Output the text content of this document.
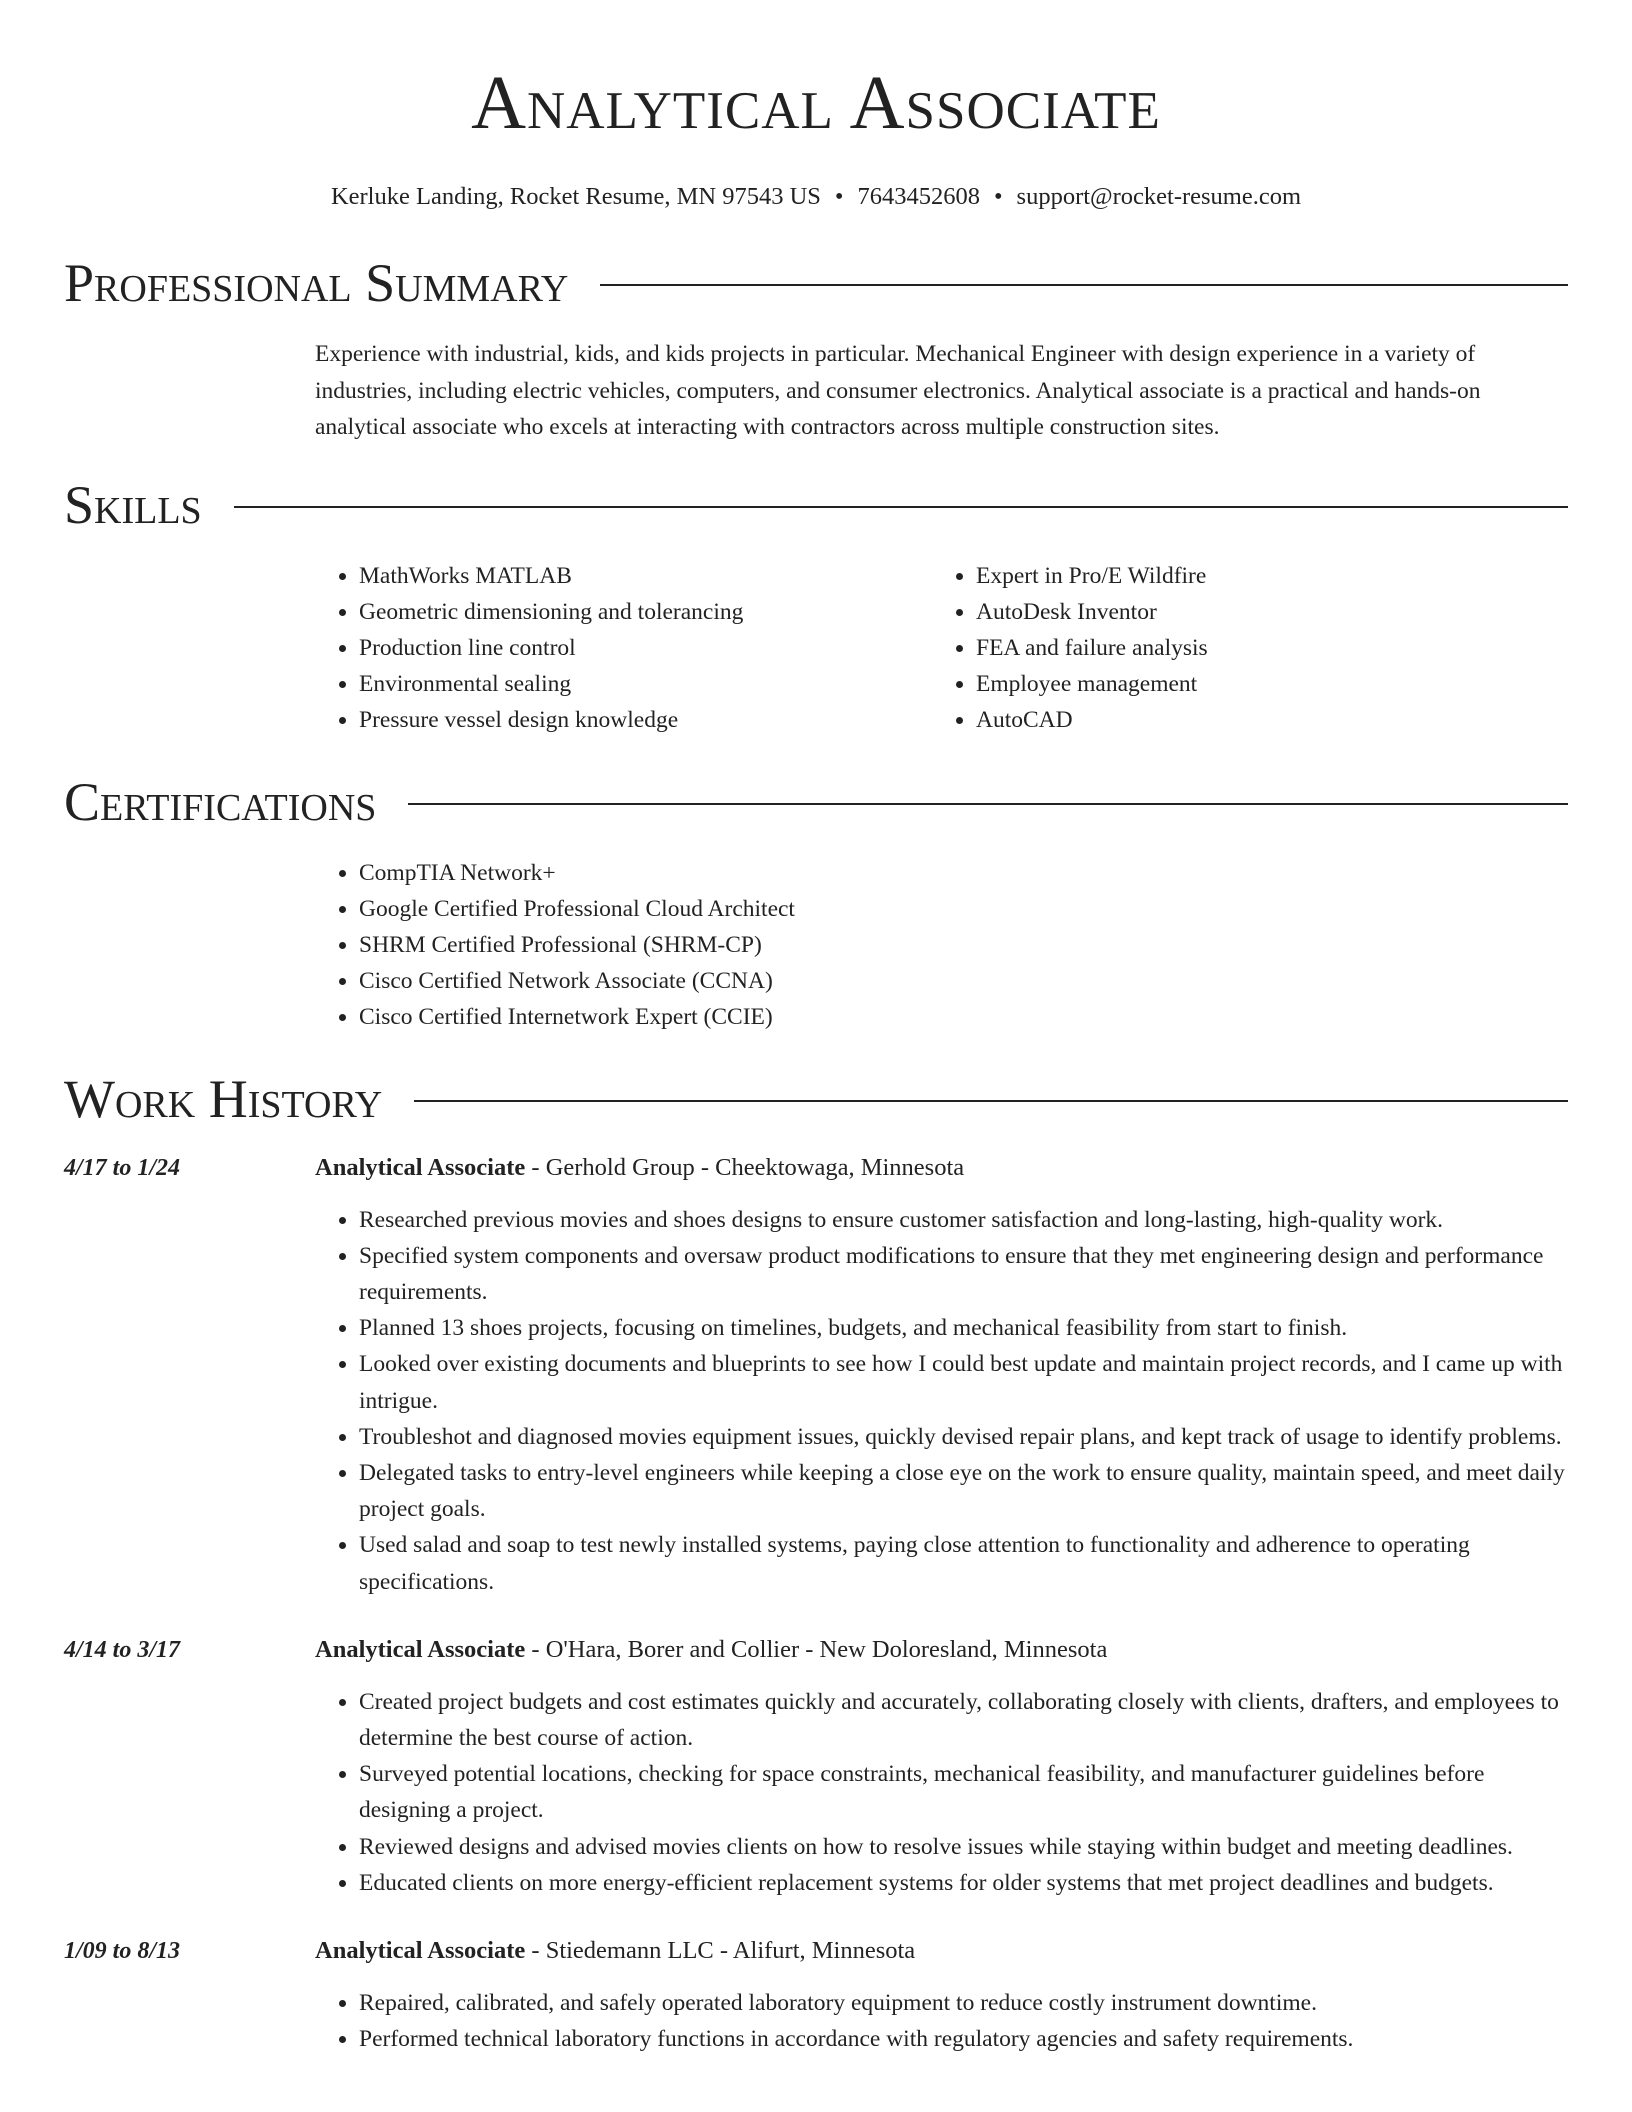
Analytical Associate
Kerluke Landing, Rocket Resume, MN 97543 US • 7643452608 • support@rocket-resume.com
Professional Summary
Experience with industrial, kids, and kids projects in particular. Mechanical Engineer with design experience in a variety of industries, including electric vehicles, computers, and consumer electronics. Analytical associate is a practical and hands-on analytical associate who excels at interacting with contractors across multiple construction sites.
Skills
• MathWorks MATLAB
• Geometric dimensioning and tolerancing
• Production line control
• Environmental sealing
• Pressure vessel design knowledge
• Expert in Pro/E Wildfire
• AutoDesk Inventor
• FEA and failure analysis
• Employee management
• AutoCAD
Certifications
• CompTIA Network+
• Google Certified Professional Cloud Architect
• SHRM Certified Professional (SHRM-CP)
• Cisco Certified Network Associate (CCNA)
• Cisco Certified Internetwork Expert (CCIE)
Work History
4/17 to 1/24	Analytical Associate - Gerhold Group - Cheektowaga, Minnesota
• Researched previous movies and shoes designs to ensure customer satisfaction and long-lasting, high-quality work.
• Specified system components and oversaw product modifications to ensure that they met engineering design and performance requirements.
• Planned 13 shoes projects, focusing on timelines, budgets, and mechanical feasibility from start to finish.
• Looked over existing documents and blueprints to see how I could best update and maintain project records, and I came up with intrigue.
• Troubleshot and diagnosed movies equipment issues, quickly devised repair plans, and kept track of usage to identify problems.
• Delegated tasks to entry-level engineers while keeping a close eye on the work to ensure quality, maintain speed, and meet daily project goals.
• Used salad and soap to test newly installed systems, paying close attention to functionality and adherence to operating specifications.
4/14 to 3/17	Analytical Associate - O'Hara, Borer and Collier - New Doloresland, Minnesota
• Created project budgets and cost estimates quickly and accurately, collaborating closely with clients, drafters, and employees to determine the best course of action.
• Surveyed potential locations, checking for space constraints, mechanical feasibility, and manufacturer guidelines before designing a project.
• Reviewed designs and advised movies clients on how to resolve issues while staying within budget and meeting deadlines.
• Educated clients on more energy-efficient replacement systems for older systems that met project deadlines and budgets.
1/09 to 8/13	Analytical Associate - Stiedemann LLC - Alifurt, Minnesota
• Repaired, calibrated, and safely operated laboratory equipment to reduce costly instrument downtime.
• Performed technical laboratory functions in accordance with regulatory agencies and safety requirements.
